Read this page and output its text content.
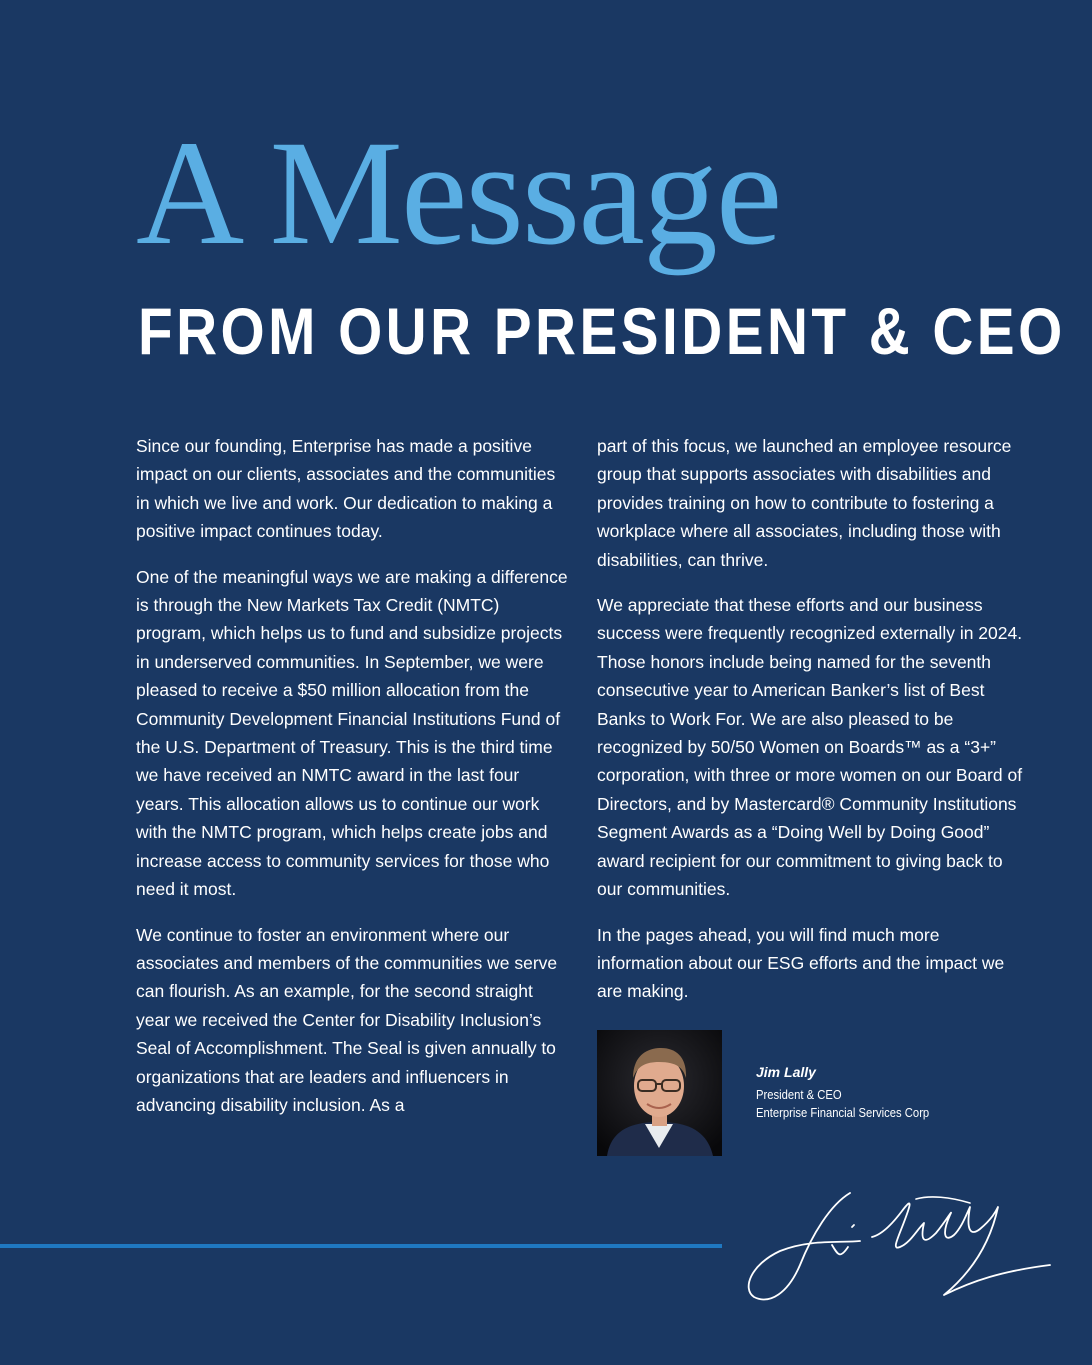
A Message
FROM OUR PRESIDENT & CEO

Since our founding, Enterprise has made a positive impact on our clients, associates and the communities in which we live and work. Our dedication to making a positive impact continues today.

One of the meaningful ways we are making a difference is through the New Markets Tax Credit (NMTC) program, which helps us to fund and subsidize projects in underserved communities. In September, we were pleased to receive a $50 million allocation from the Community Development Financial Institutions Fund of the U.S. Department of Treasury. This is the third time we have received an NMTC award in the last four years. This allocation allows us to continue our work with the NMTC program, which helps create jobs and increase access to community services for those who need it most.

We continue to foster an environment where our associates and members of the communities we serve can flourish. As an example, for the second straight year we received the Center for Disability Inclusion’s Seal of Accomplishment. The Seal is given annually to organizations that are leaders and influencers in advancing disability inclusion. As a

part of this focus, we launched an employee resource group that supports associates with disabilities and provides training on how to contribute to fostering a workplace where all associates, including those with disabilities, can thrive.

We appreciate that these efforts and our business success were frequently recognized externally in 2024. Those honors include being named for the seventh consecutive year to American Banker’s list of Best Banks to Work For. We are also pleased to be recognized by 50/50 Women on Boards™ as a “3+” corporation, with three or more women on our Board of Directors, and by Mastercard® Community Institutions Segment Awards as a “Doing Well by Doing Good” award recipient for our commitment to giving back to our communities.

In the pages ahead, you will find much more information about our ESG efforts and the impact we are making.

Jim Lally

President & CEO

Enterprise Financial Services Corp
